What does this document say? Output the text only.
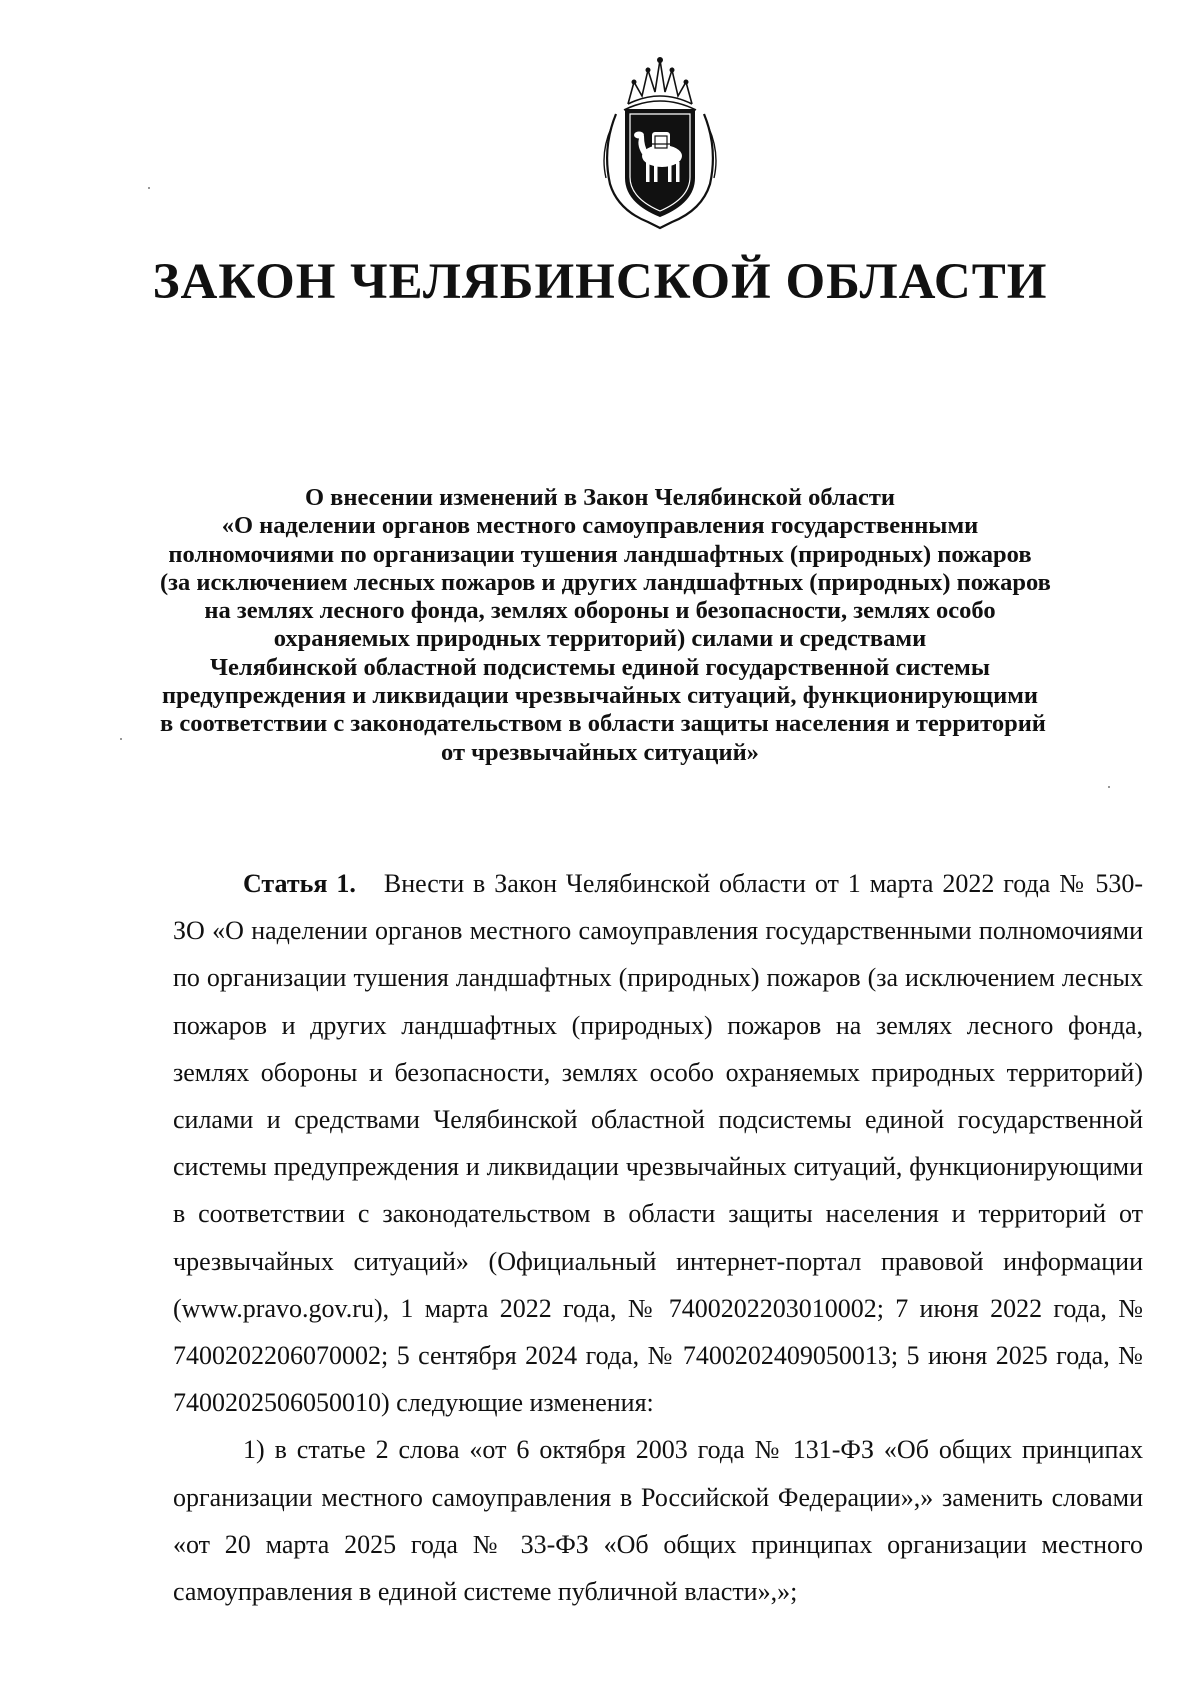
ЗАКОН ЧЕЛЯБИНСКОЙ ОБЛАСТИ
О внесении изменений в Закон Челябинской области
«О наделении органов местного самоуправления государственными
полномочиями по организации тушения ландшафтных (природных) пожаров
(за исключением лесных пожаров и других ландшафтных (природных) пожаров
на землях лесного фонда, землях обороны и безопасности, землях особо
охраняемых природных территорий) силами и средствами
Челябинской областной подсистемы единой государственной системы
предупреждения и ликвидации чрезвычайных ситуаций, функционирующими
в соответствии с законодательством в области защиты населения и территорий
от чрезвычайных ситуаций»

Статья 1. Внести в Закон Челябинской области от 1 марта 2022 года № 530-ЗО «О наделении органов местного самоуправления государственными полномочиями по организации тушения ландшафтных (природных) пожаров (за исключением лесных пожаров и других ландшафтных (природных) пожаров на землях лесного фонда, землях обороны и безопасности, землях особо охраняемых природных территорий) силами и средствами Челябинской областной подсистемы единой государственной системы предупреждения и ликвидации чрезвычайных ситуаций, функционирующими в соответствии с законодательством в области защиты населения и территорий от чрезвычайных ситуаций» (Официальный интернет-портал правовой информации (www.pravo.gov.ru), 1 марта 2022 года, № 7400202203010002; 7 июня 2022 года, № 7400202206070002; 5 сентября 2024 года, № 7400202409050013; 5 июня 2025 года, № 7400202506050010) следующие изменения:

1) в статье 2 слова «от 6 октября 2003 года № 131-ФЗ «Об общих принципах организации местного самоуправления в Российской Федерации»,» заменить словами «от 20 марта 2025 года № 33-ФЗ «Об общих принципах организации местного самоуправления в единой системе публичной власти»,»;
